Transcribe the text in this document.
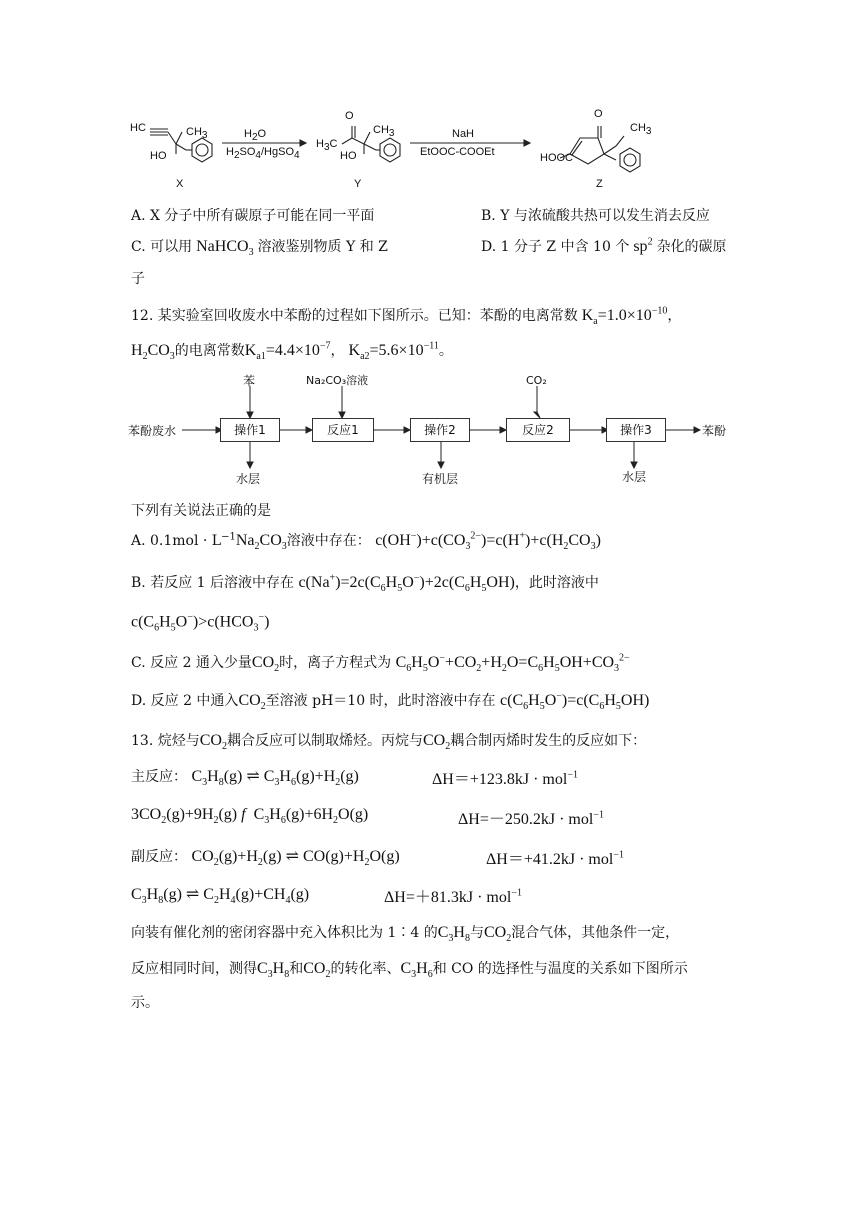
HC	$CH_3$
HO
X
$H_2O$
$H_2SO_4/HgSO_4$
$H_3C$
O
$CH_3$
HO
Y
NaH
EtOOC-COOEt
O
$CH_3$
HOOC
Z
A. X 分子中所有碳原子可能在同一平面	B. Y 与浓硫酸共热可以发生消去反应
C. 可以用 NaHCO$_3$ 溶液鉴别物质 Y 和 Z	D. 1 分子 Z 中含 10 个 $sp^2$ 杂化的碳原
子
12. 某实验室回收废水中苯酚的过程如下图所示。已知：苯酚的电离常数 $K_a=1.0\times 10^{-10}$，
$H_2CO_3$的电离常数$K_{a1}=4.4\times 10^{-7}$， $K_{a2}=5.6\times 10^{-11}$。
苯酚废水	苯酚
苯	Na₂CO₃溶液	CO₂
操作1	反应1	操作2	反应2	操作3
水层	有机层	水层
下列有关说法正确的是
A. $0.1mol \cdot L^{-1}Na_2CO_3$溶液中存在： $c(OH^-)+c(CO_3^{2-})=c(H^+)+c(H_2CO_3)$
B. 若反应 1 后溶液中存在 $c(Na^+)=2c(C_6H_5O^-)+2c(C_6H_5OH)$，此时溶液中
$c(C_6H_5O^-)>c(HCO_3^-)$
C. 反应 2 通入少量$CO_2$时，离子方程式为 $C_6H_5O^-+CO_2+H_2O=C_6H_5OH+CO_3^{2-}$
D. 反应 2 中通入$CO_2$至溶液 pH＝10 时，此时溶液中存在 $c(C_6H_5O^-)=c(C_6H_5OH)$
13. 烷烃与$CO_2$耦合反应可以制取烯烃。丙烷与$CO_2$耦合制丙烯时发生的反应如下：
主反应： $C_3H_8(g)$ ⇌ $C_3H_6(g)+H_2(g)$	ΔH＝+123.8kJ · mol$^{-1}$
$3CO_2(g)+9H_2(g)$ f  $C_3H_6(g)+6H_2O(g)$	ΔH=－250.2kJ · mol$^{-1}$
副反应： $CO_2(g)+H_2(g)$ ⇌ $CO(g)+H_2O(g)$	ΔH＝+41.2kJ · mol$^{-1}$
$C_3H_8(g)$ ⇌ $C_2H_4(g)+CH_4(g)$	ΔH=＋81.3kJ · mol$^{-1}$
向装有催化剂的密闭容器中充入体积比为 1∶4 的$C_3H_8$与$CO_2$混合气体，其他条件一定，
反应相同时间，测得$C_3H_8$和$CO_2$的转化率、$C_3H_6$和 CO 的选择性与温度的关系如下图所示
示。
